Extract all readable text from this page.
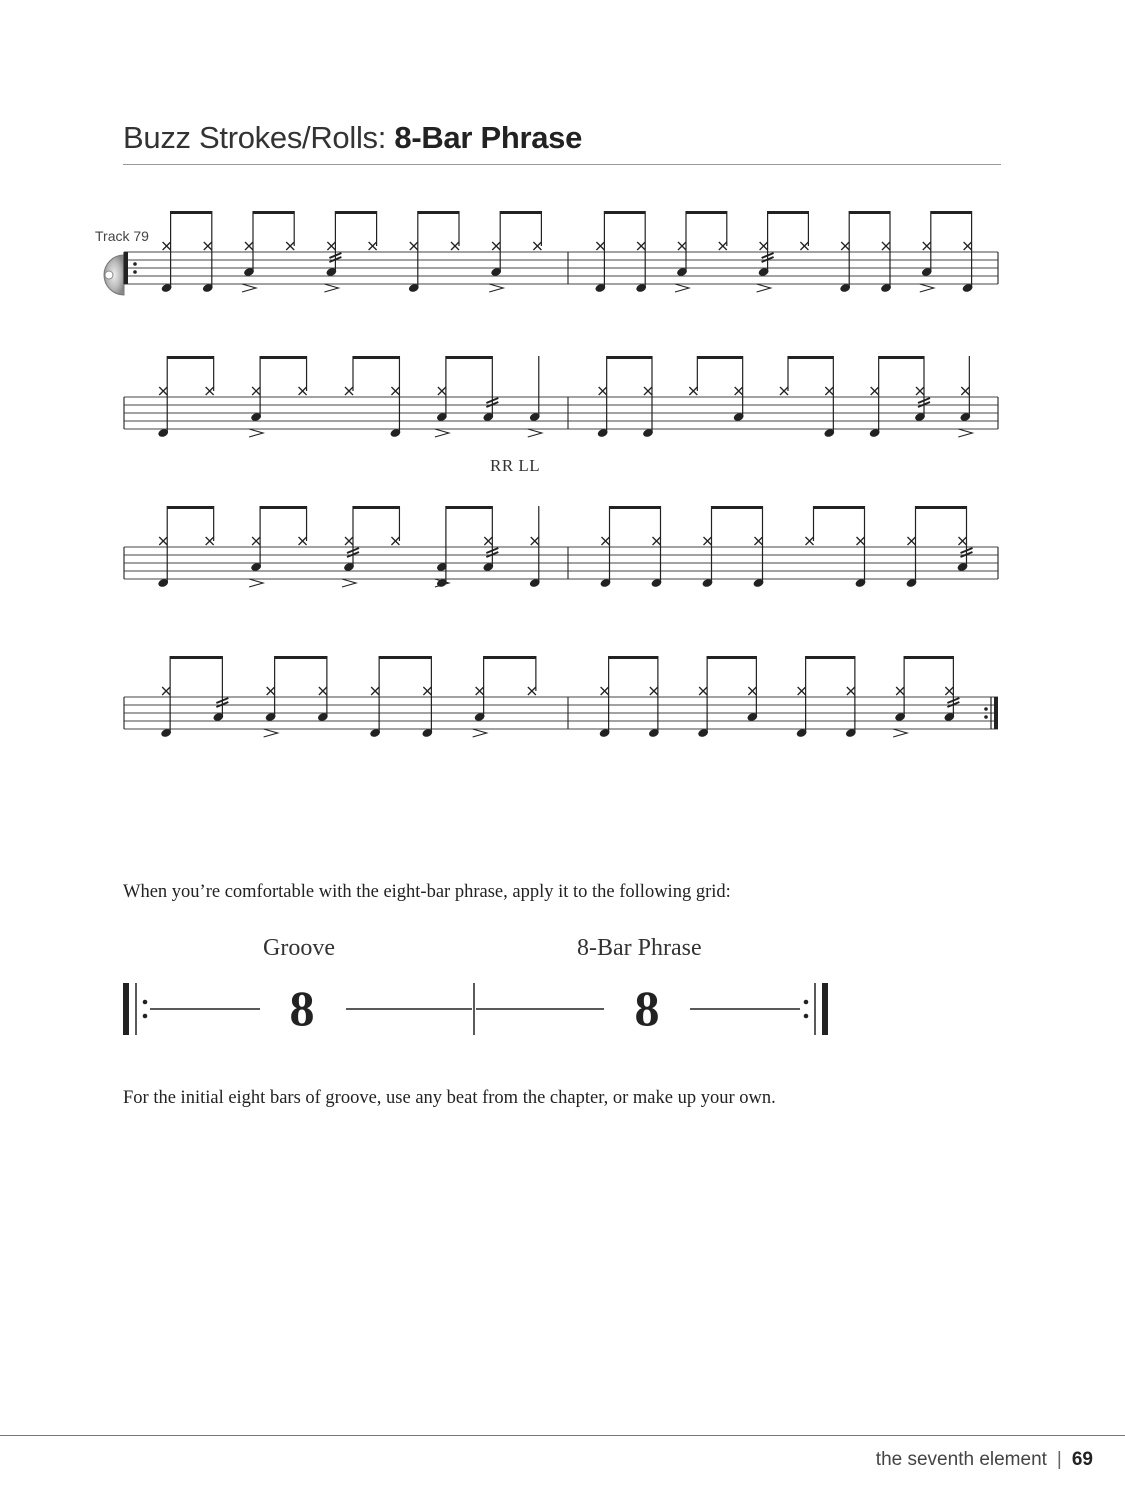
Buzz Strokes/Rolls: 8-Bar Phrase
Track 79
RR LL
When you’re comfortable with the eight-bar phrase, apply it to the following grid:
Groove	8-Bar Phrase
8	8
For the initial eight bars of groove, use any beat from the chapter, or make up your own.
the seventh element | 69
